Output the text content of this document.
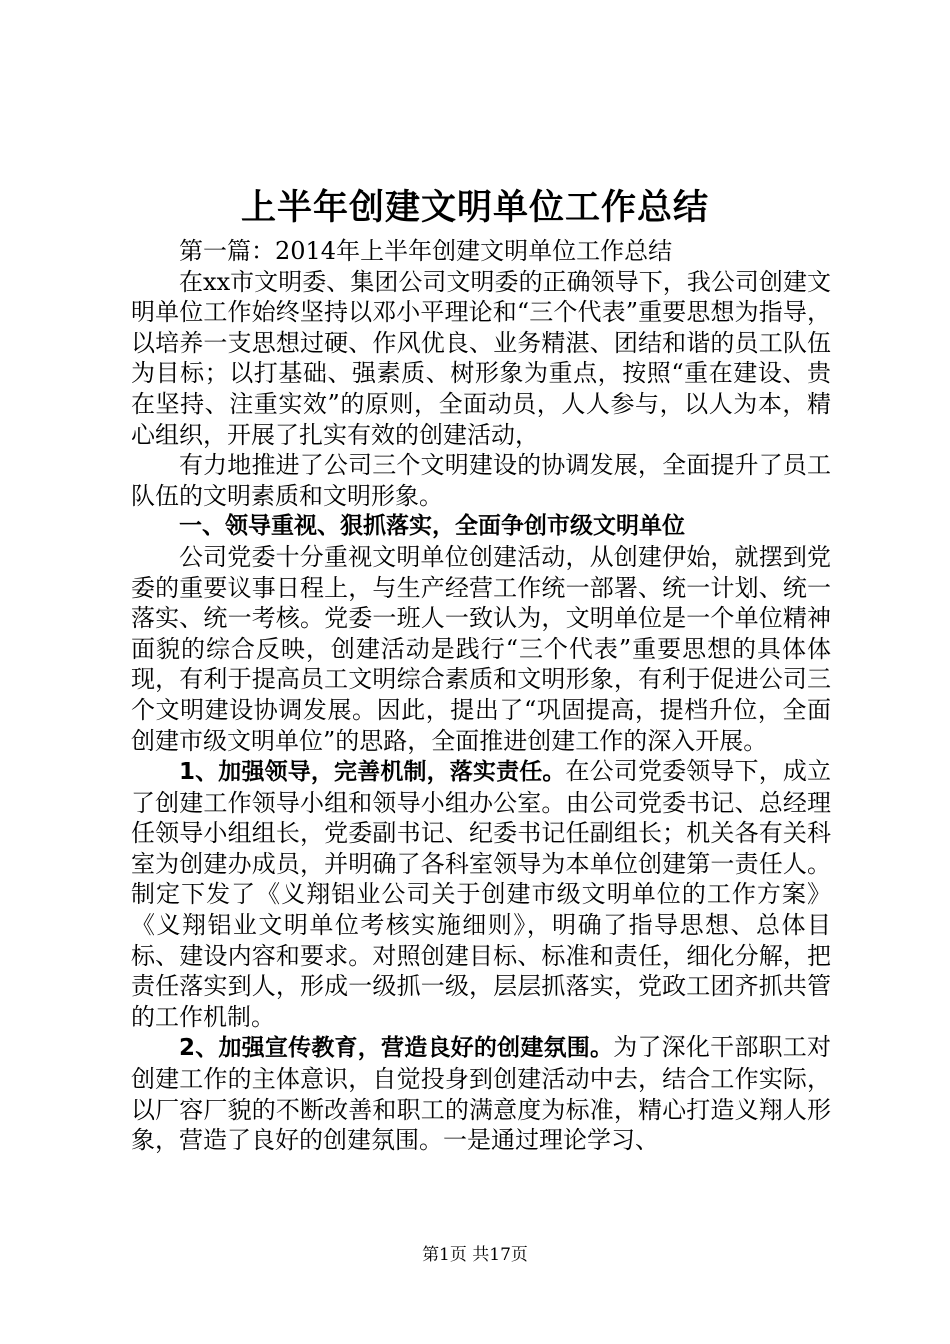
上半年创建文明单位工作总结

第一篇：2014年上半年创建文明单位工作总结

在xx市文明委、集团公司文明委的正确领导下，我公司创建文明单位工作始终坚持以邓小平理论和“三个代表”重要思想为指导，以培养一支思想过硬、作风优良、业务精湛、团结和谐的员工队伍为目标；以打基础、强素质、树形象为重点，按照“重在建设、贵在坚持、注重实效”的原则，全面动员，人人参与，以人为本，精心组织，开展了扎实有效的创建活动，

有力地推进了公司三个文明建设的协调发展，全面提升了员工队伍的文明素质和文明形象。

一、领导重视、狠抓落实，全面争创市级文明单位

公司党委十分重视文明单位创建活动，从创建伊始，就摆到党委的重要议事日程上，与生产经营工作统一部署、统一计划、统一落实、统一考核。党委一班人一致认为，文明单位是一个单位精神面貌的综合反映，创建活动是践行“三个代表”重要思想的具体体现，有利于提高员工文明综合素质和文明形象，有利于促进公司三个文明建设协调发展。因此，提出了“巩固提高，提档升位，全面创建市级文明单位”的思路，全面推进创建工作的深入开展。

1、加强领导，完善机制，落实责任。在公司党委领导下，成立了创建工作领导小组和领导小组办公室。由公司党委书记、总经理任领导小组组长，党委副书记、纪委书记任副组长；机关各有关科室为创建办成员，并明确了各科室领导为本单位创建第一责任人。制定下发了《义翔铝业公司关于创建市级文明单位的工作方案》《义翔铝业文明单位考核实施细则》，明确了指导思想、总体目标、建设内容和要求。对照创建目标、标准和责任，细化分解，把责任落实到人，形成一级抓一级，层层抓落实，党政工团齐抓共管的工作机制。

2、加强宣传教育，营造良好的创建氛围。为了深化干部职工对创建工作的主体意识，自觉投身到创建活动中去，结合工作实际，以厂容厂貌的不断改善和职工的满意度为标准，精心打造义翔人形象，营造了良好的创建氛围。一是通过理论学习、

第1页 共17页
